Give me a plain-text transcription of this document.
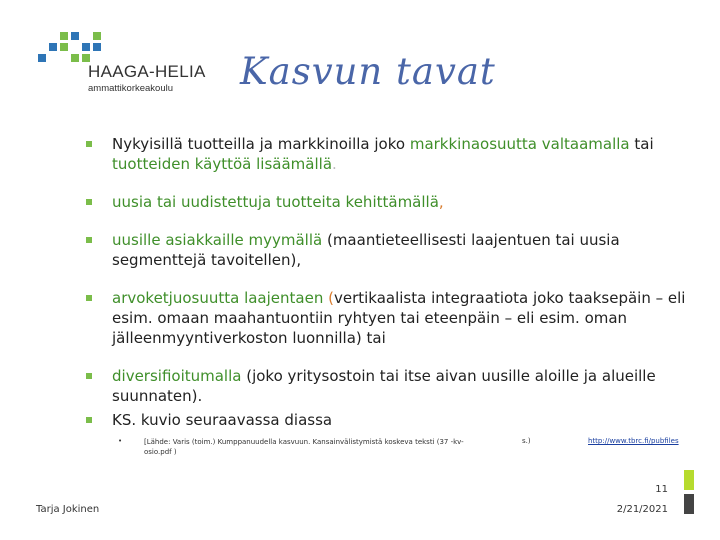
HAAGA-HELIA
ammattikorkeakoulu Kasvun tavat
Nykyisillä tuotteilla ja markkinoilla joko markkinaosuutta valtaamalla tai tuotteiden käyttöä lisäämällä.
uusia tai uudistettuja tuotteita kehittämällä,
uusille asiakkaille myymällä (maantieteellisesti laajentuen tai uusia segmenttejä tavoitellen),
arvoketjuosuutta laajentaen (vertikaalista integraatiota joko taaksepäin – eli esim. omaan maahantuontiin ryhtyen tai eteenpäin – eli esim. oman jälleenmyyntiverkoston luonnilla) tai
diversifioitumalla (joko yritysostoin tai itse aivan uusille aloille ja alueille suunnaten).
KS. kuvio seuraavassa diassa
•	[Lähde: Varis (toim.) Kumppanuudella kasvuun. Kansainvälistymistä koskeva teksti (37 -kv-osio.pdf )
s.)	http://www.tbrc.fi/pubfiles
11
Tarja Jokinen	2/21/2021
